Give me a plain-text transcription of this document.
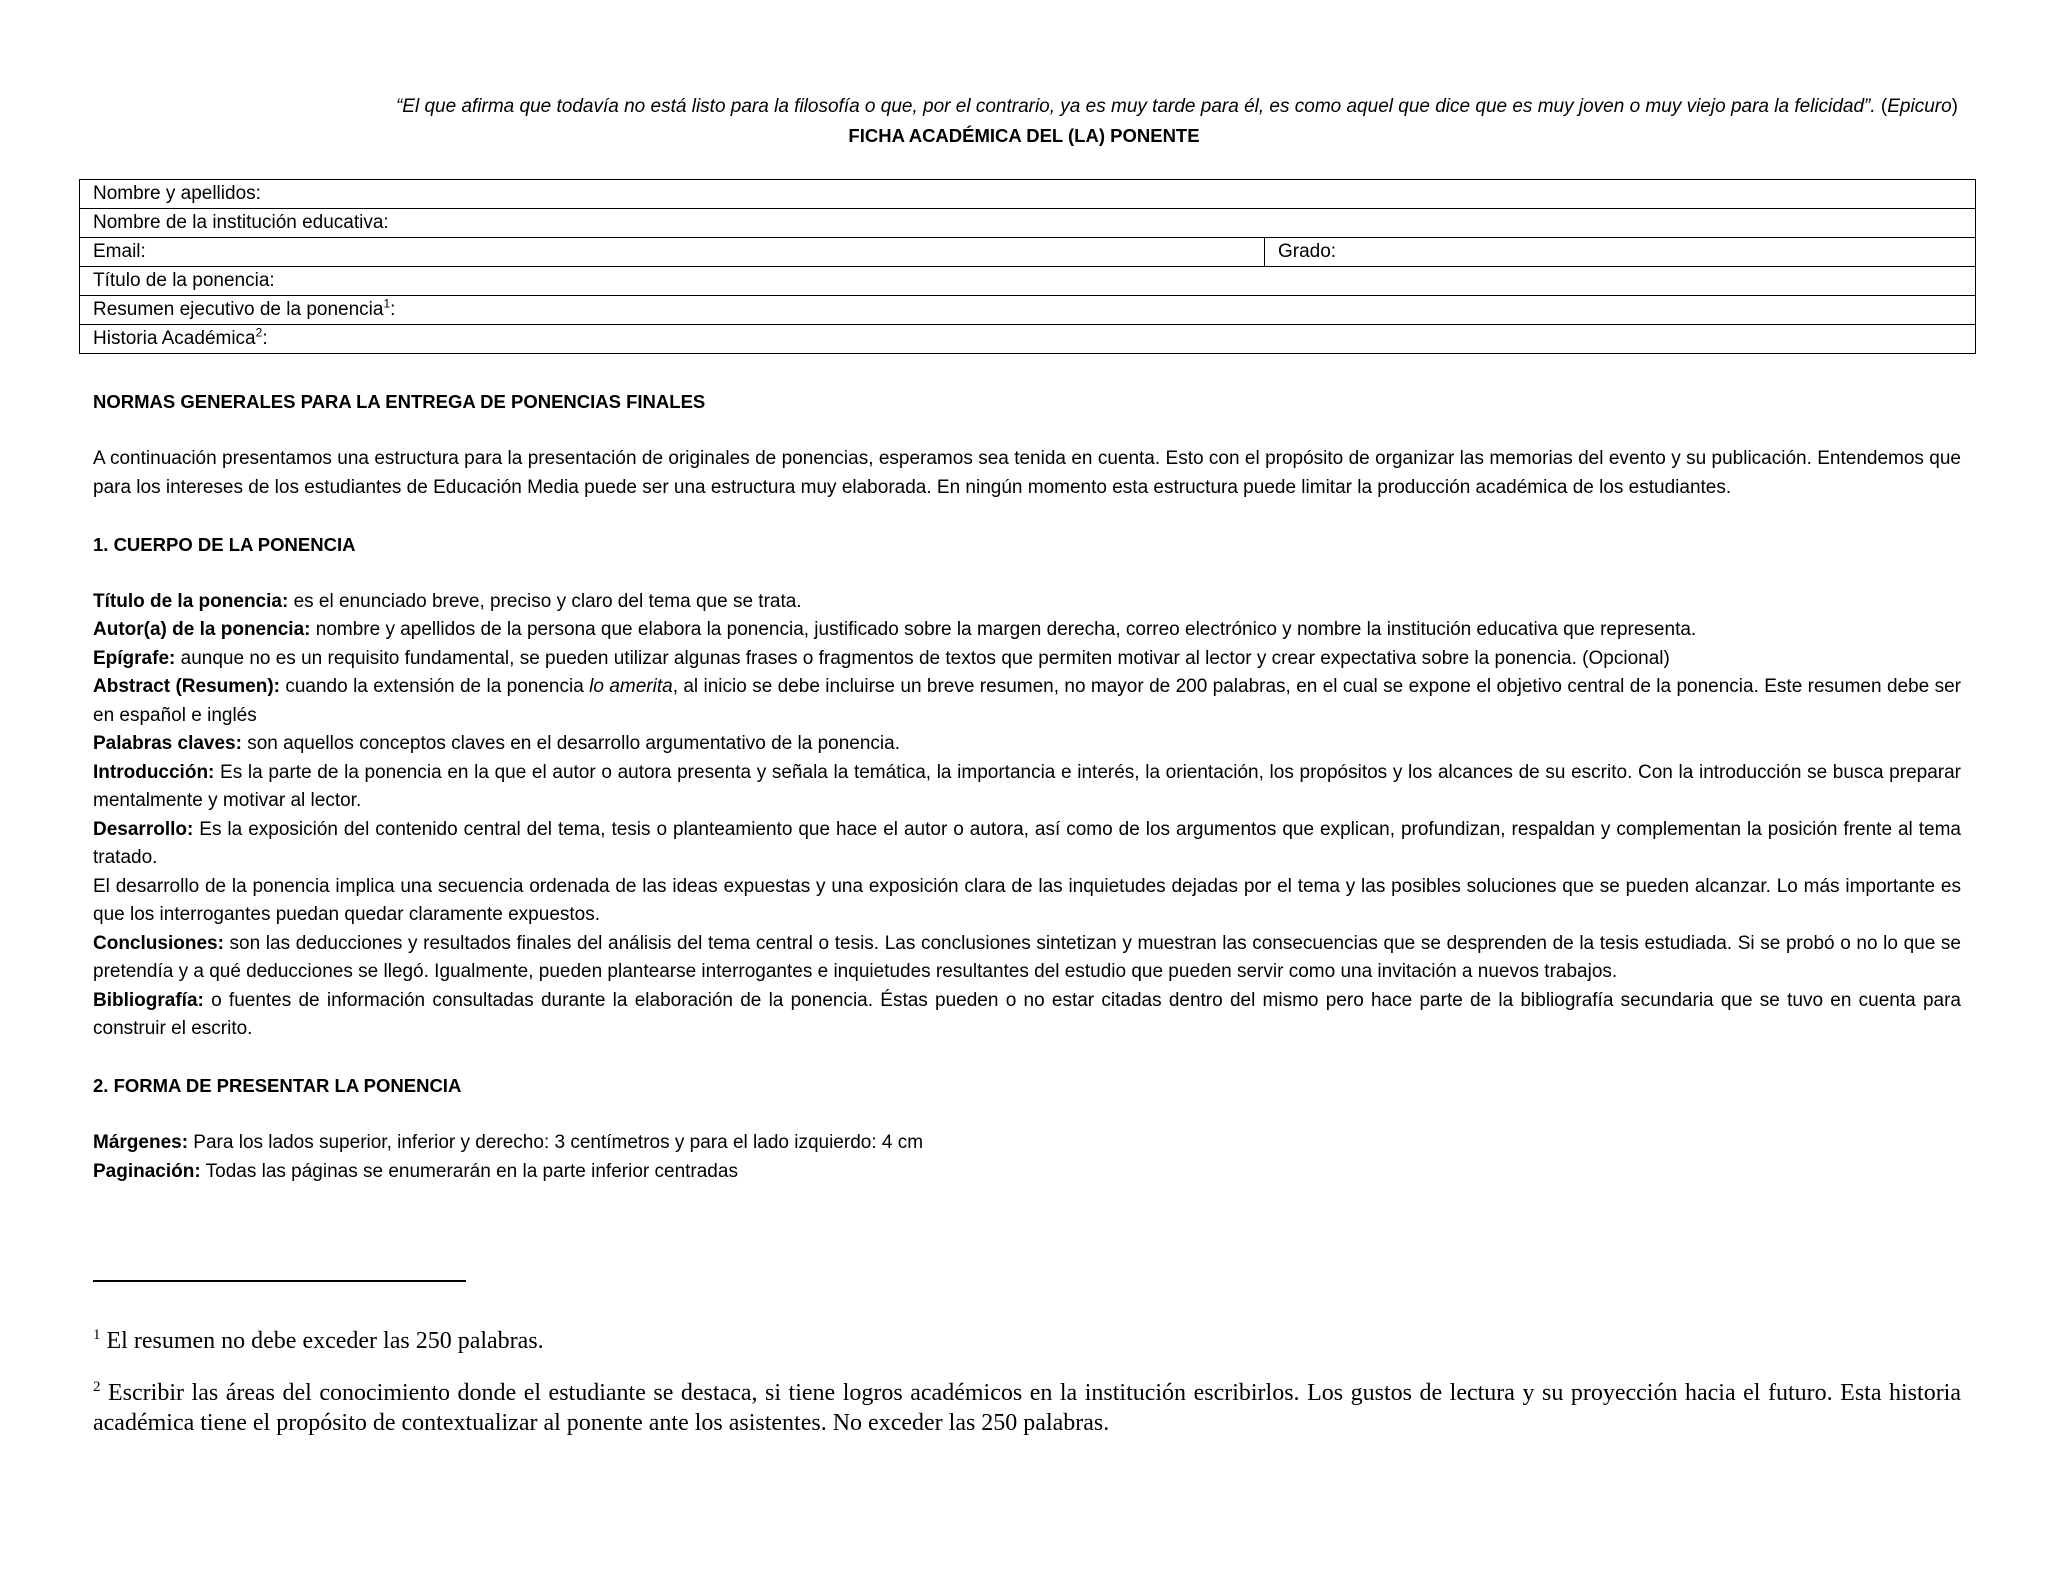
“El que afirma que todavía no está listo para la filosofía o que, por el contrario, ya es muy tarde para él, es como aquel que dice que es muy joven o muy viejo para la felicidad”. (Epicuro)
FICHA ACADÉMICA DEL (LA) PONENTE
Nombre y apellidos:
Nombre de la institución educativa:
Email:	Grado:
Título de la ponencia:
Resumen ejecutivo de la ponencia$^1$:
Historia Académica$^2$:
NORMAS GENERALES PARA LA ENTREGA DE PONENCIAS FINALES

A continuación presentamos una estructura para la presentación de originales de ponencias, esperamos sea tenida en cuenta. Esto con el propósito de organizar las memorias del evento y su publicación. Entendemos que para los intereses de los estudiantes de Educación Media puede ser una estructura muy elaborada. En ningún momento esta estructura puede limitar la producción académica de los estudiantes.

1. CUERPO DE LA PONENCIA

Título de la ponencia: es el enunciado breve, preciso y claro del tema que se trata.

Autor(a) de la ponencia: nombre y apellidos de la persona que elabora la ponencia, justificado sobre la margen derecha, correo electrónico y nombre la institución educativa que representa.

Epígrafe: aunque no es un requisito fundamental, se pueden utilizar algunas frases o fragmentos de textos que permiten motivar al lector y crear expectativa sobre la ponencia. (Opcional)

Abstract (Resumen): cuando la extensión de la ponencia lo amerita, al inicio se debe incluirse un breve resumen, no mayor de 200 palabras, en el cual se expone el objetivo central de la ponencia. Este resumen debe ser en español e inglés

Palabras claves: son aquellos conceptos claves en el desarrollo argumentativo de la ponencia.

Introducción: Es la parte de la ponencia en la que el autor o autora presenta y señala la temática, la importancia e interés, la orientación, los propósitos y los alcances de su escrito. Con la introducción se busca preparar mentalmente y motivar al lector.

Desarrollo: Es la exposición del contenido central del tema, tesis o planteamiento que hace el autor o autora, así como de los argumentos que explican, profundizan, respaldan y complementan la posición frente al tema tratado.

El desarrollo de la ponencia implica una secuencia ordenada de las ideas expuestas y una exposición clara de las inquietudes dejadas por el tema y las posibles soluciones que se pueden alcanzar. Lo más importante es que los interrogantes puedan quedar claramente expuestos.

Conclusiones: son las deducciones y resultados finales del análisis del tema central o tesis. Las conclusiones sintetizan y muestran las consecuencias que se desprenden de la tesis estudiada. Si se probó o no lo que se pretendía y a qué deducciones se llegó. Igualmente, pueden plantearse interrogantes e inquietudes resultantes del estudio que pueden servir como una invitación a nuevos trabajos.

Bibliografía: o fuentes de información consultadas durante la elaboración de la ponencia. Éstas pueden o no estar citadas dentro del mismo pero hace parte de la bibliografía secundaria que se tuvo en cuenta para construir el escrito.

2. FORMA DE PRESENTAR LA PONENCIA

Márgenes: Para los lados superior, inferior y derecho: 3 centímetros y para el lado izquierdo: 4 cm

Paginación: Todas las páginas se enumerarán en la parte inferior centradas

$^1$ El resumen no debe exceder las 250 palabras.

$^2$ Escribir las áreas del conocimiento donde el estudiante se destaca, si tiene logros académicos en la institución escribirlos. Los gustos de lectura y su proyección hacia el futuro. Esta historia académica tiene el propósito de contextualizar al ponente ante los asistentes. No exceder las 250 palabras.
